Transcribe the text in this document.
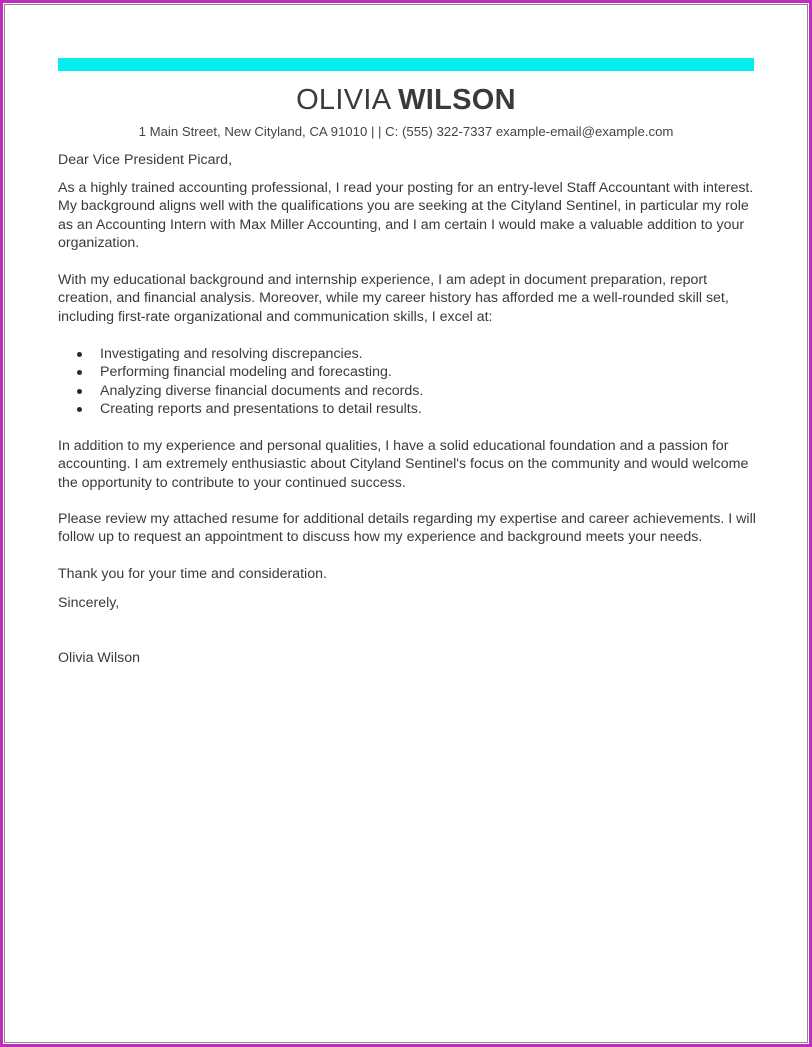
OLIVIA WILSON
1 Main Street, New Cityland, CA 91010 | | C: (555) 322-7337 example-email@example.com
Dear Vice President Picard,
As a highly trained accounting professional, I read your posting for an entry-level Staff Accountant with interest. My background aligns well with the qualifications you are seeking at the Cityland Sentinel, in particular my role as an Accounting Intern with Max Miller Accounting, and I am certain I would make a valuable addition to your organization.
With my educational background and internship experience, I am adept in document preparation, report creation, and financial analysis. Moreover, while my career history has afforded me a well-rounded skill set, including first-rate organizational and communication skills, I excel at:
Investigating and resolving discrepancies.
Performing financial modeling and forecasting.
Analyzing diverse financial documents and records.
Creating reports and presentations to detail results.
In addition to my experience and personal qualities, I have a solid educational foundation and a passion for accounting. I am extremely enthusiastic about Cityland Sentinel's focus on the community and would welcome the opportunity to contribute to your continued success.
Please review my attached resume for additional details regarding my expertise and career achievements. I will follow up to request an appointment to discuss how my experience and background meets your needs.
Thank you for your time and consideration.
Sincerely,
Olivia Wilson
